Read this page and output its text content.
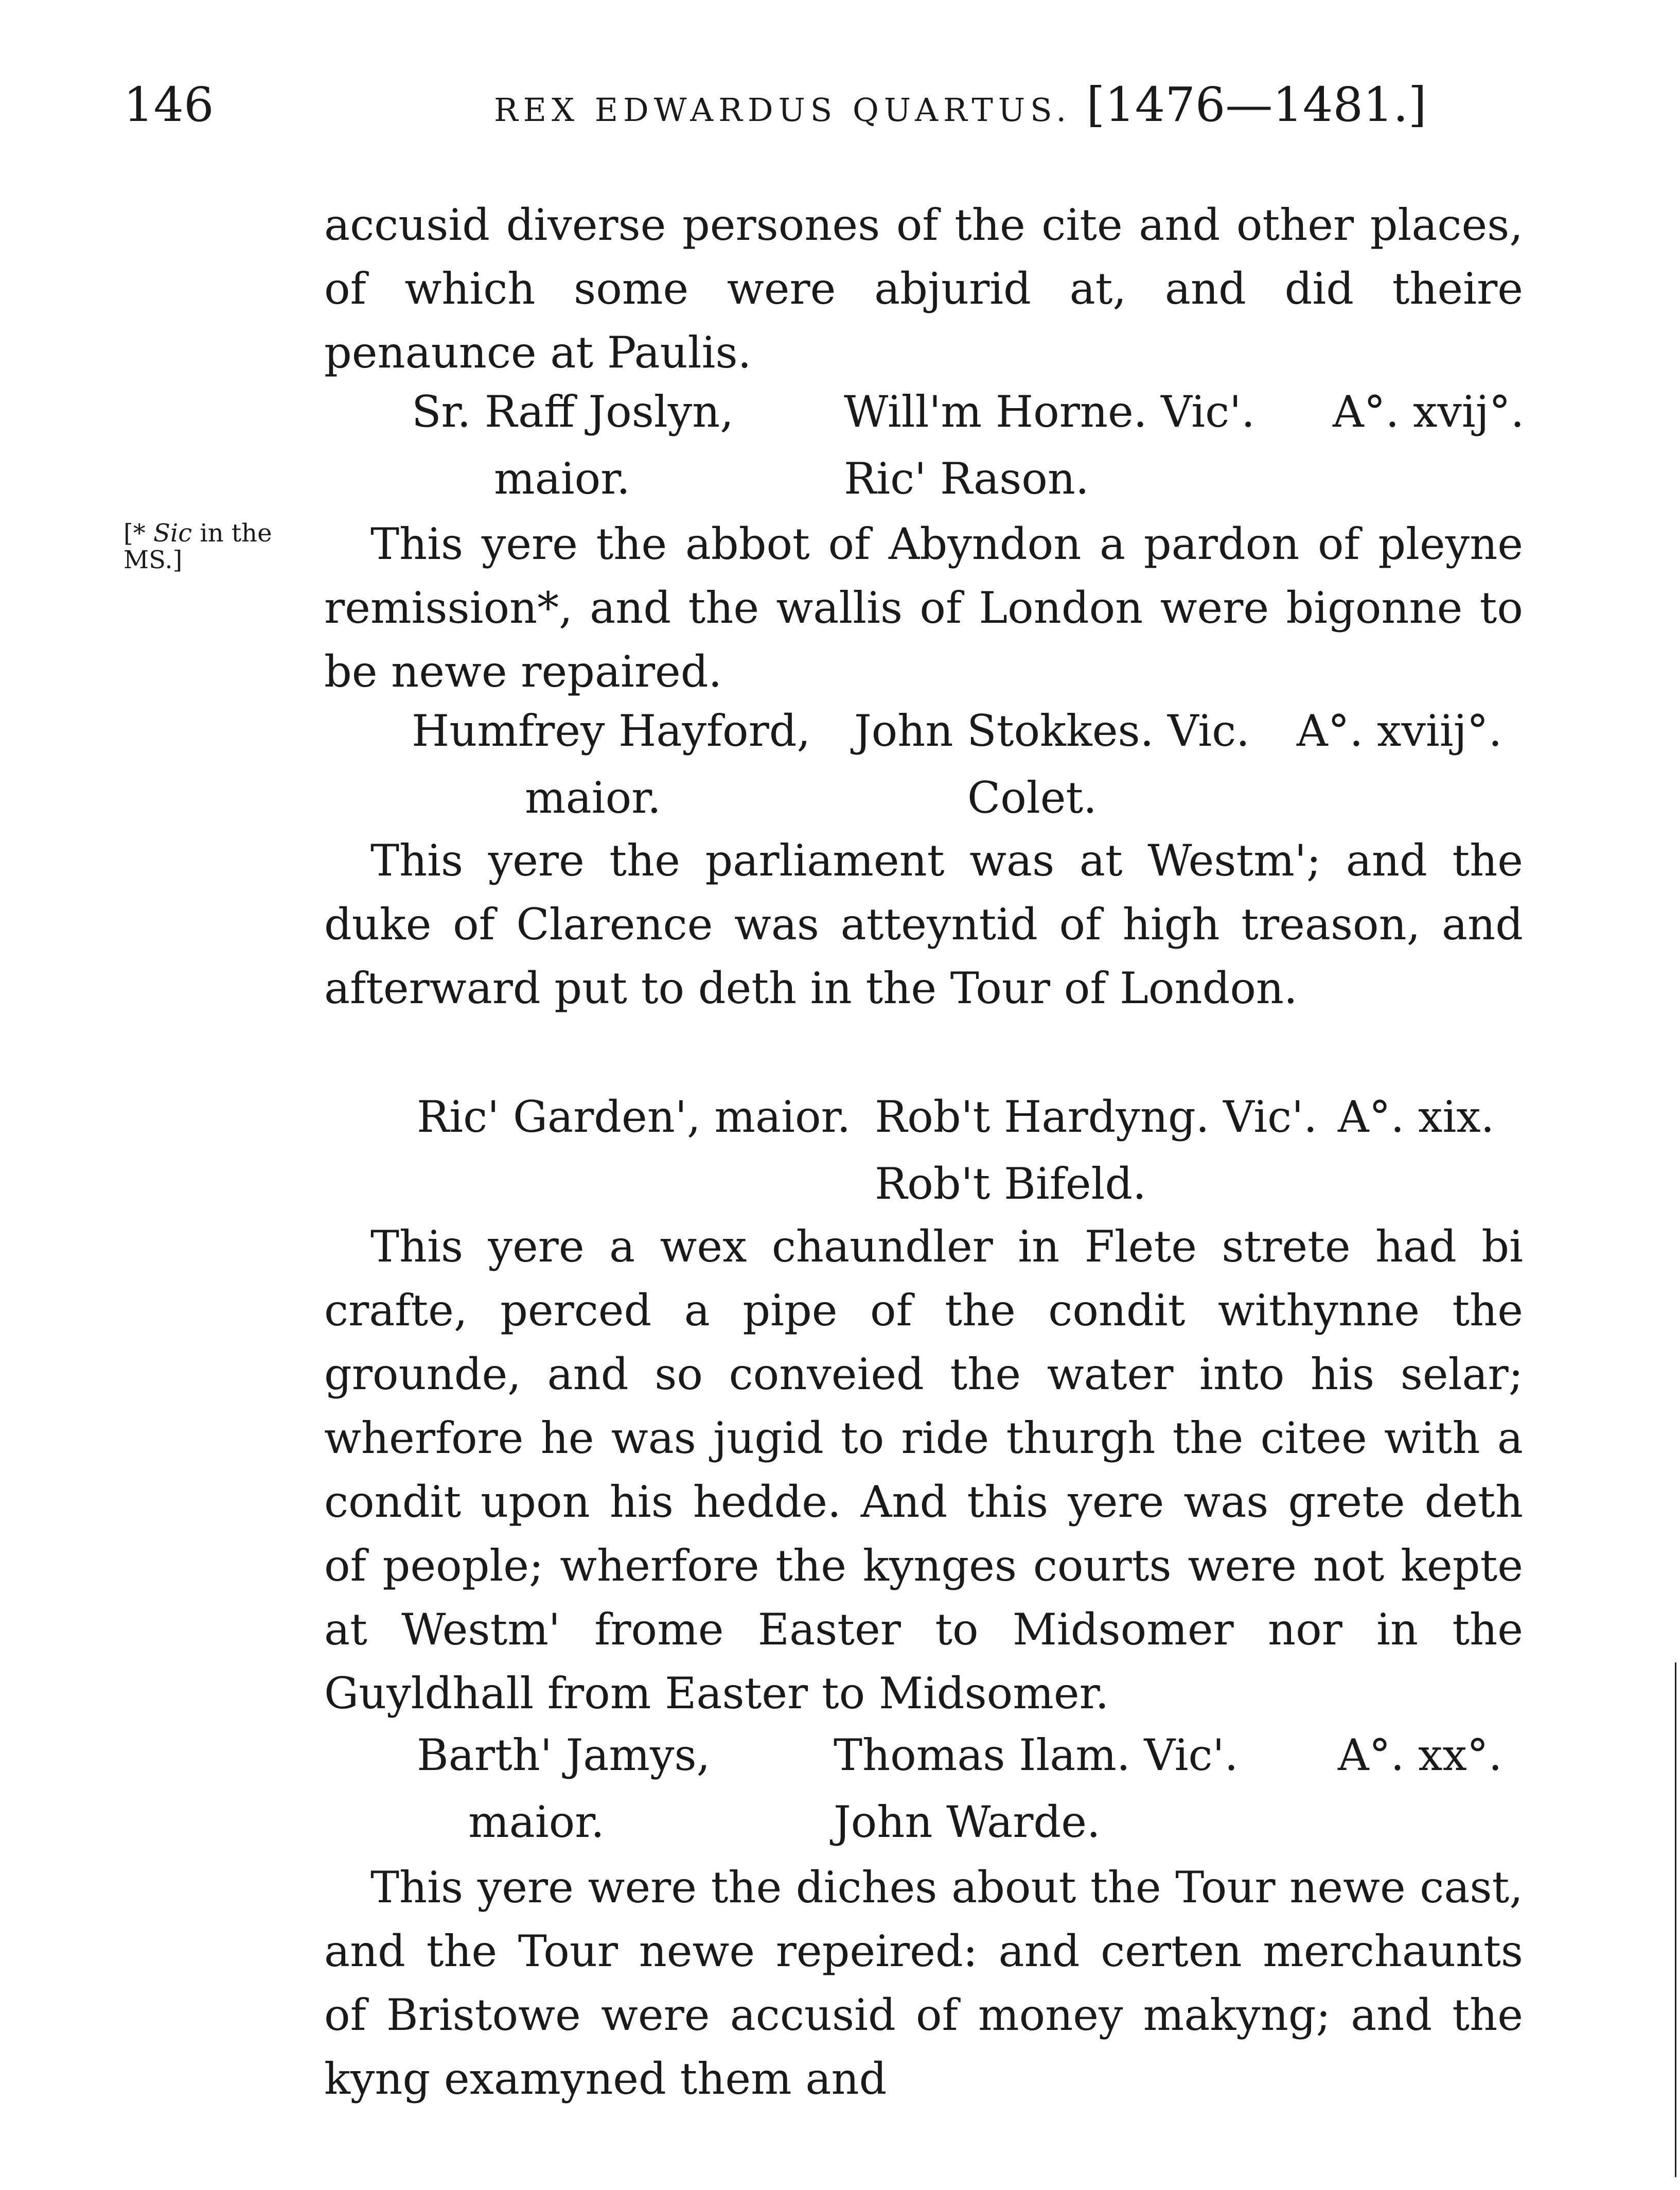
146	REX EDWARDUS QUARTUS. [1476—1481.]
accusid diverse persones of the cite and other places, of which some were abjurid at, and did theire penaunce at Paulis.
Sr. Raff Joslyn,
maior.
Will'm Horne. Vic'.
Ric' Rason.
A°. xvij°.
[* Sic in the
MS.]	This yere the abbot of Abyndon a pardon of pleyne remission*, and the wallis of London were bigonne to be newe repaired.
Humfrey Hayford,
maior.
John Stokkes. Vic.
Colet.
A°. xviij°.
This yere the parliament was at Westm'; and the duke of Clarence was atteyntid of high treason, and afterward put to deth in the Tour of London.
Ric' Garden', maior. Rob't Hardyng. Vic'.
Rob't Bifeld.
A°. xix.
This yere a wex chaundler in Flete strete had bi crafte, perced a pipe of the condit withynne the grounde, and so conveied the water into his selar; wherfore he was jugid to ride thurgh the citee with a condit upon his hedde. And this yere was grete deth of people; wherfore the kynges courts were not kepte at Westm' frome Easter to Midsomer nor in the Guyldhall from Easter to Midsomer.
Barth' Jamys,
maior.
Thomas Ilam. Vic'.
John Warde.
A°. xx°.
This yere were the diches about the Tour newe cast, and the Tour newe repeired: and certen merchaunts of Bristowe were accusid of money makyng; and the kyng examyned them and
